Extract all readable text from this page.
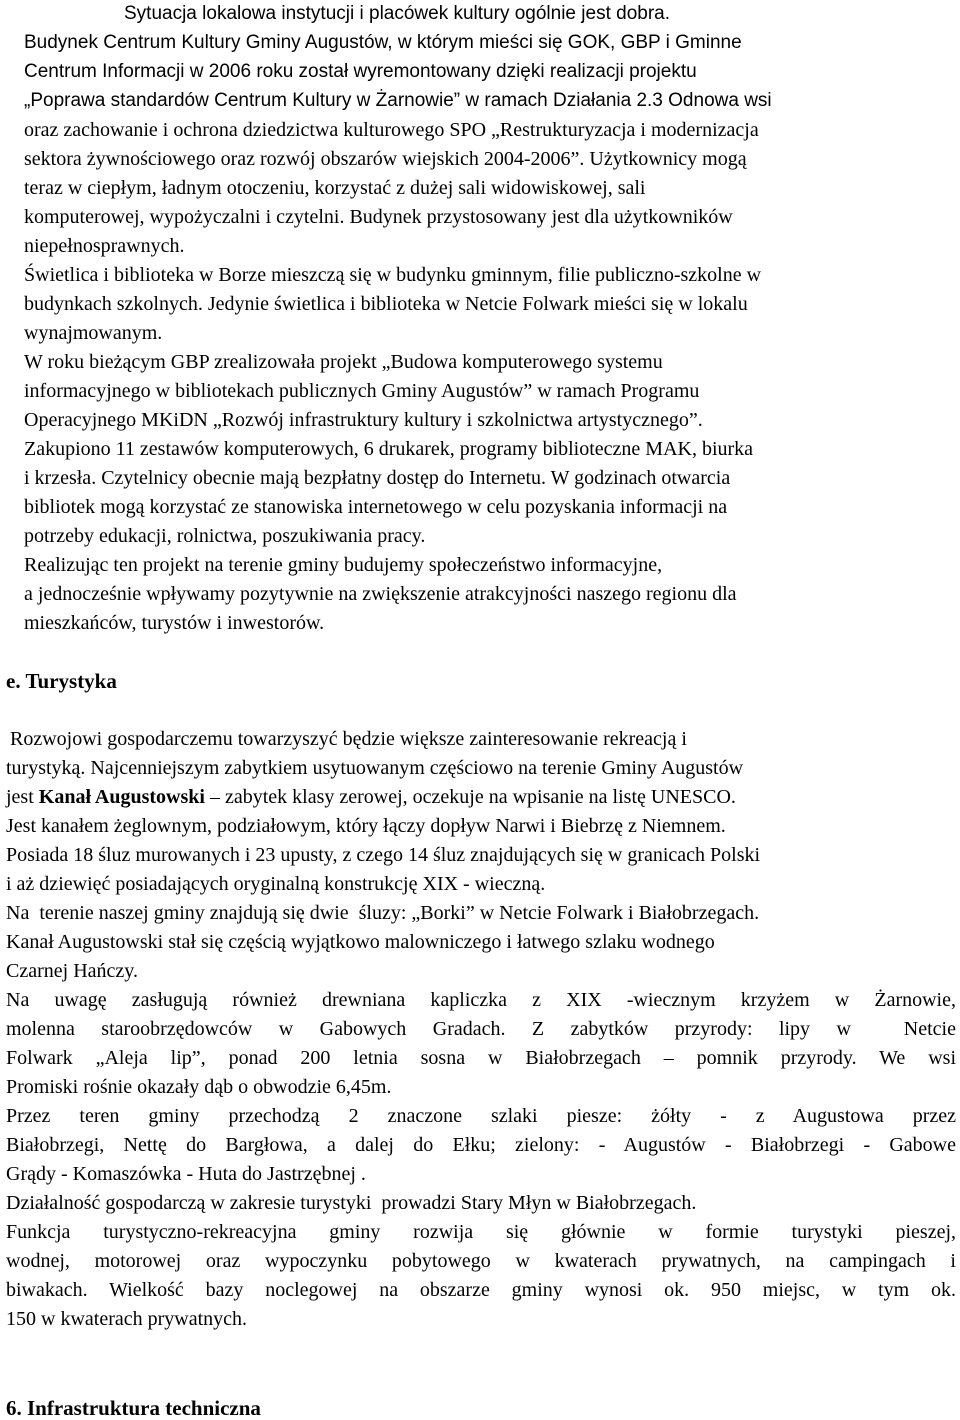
Sytuacja lokalowa instytucji i placówek kultury ogólnie jest dobra.
Budynek Centrum Kultury Gminy Augustów, w którym mieści się GOK, GBP i Gminne
Centrum Informacji w 2006 roku został wyremontowany dzięki realizacji projektu
„Poprawa standardów Centrum Kultury w Żarnowie” w ramach Działania 2.3 Odnowa wsi
oraz zachowanie i ochrona dziedzictwa kulturowego SPO „Restrukturyzacja i modernizacja
sektora żywnościowego oraz rozwój obszarów wiejskich 2004-2006”. Użytkownicy mogą
teraz w ciepłym, ładnym otoczeniu, korzystać z dużej sali widowiskowej, sali
komputerowej, wypożyczalni i czytelni. Budynek przystosowany jest dla użytkowników
niepełnosprawnych.
Świetlica i biblioteka w Borze mieszczą się w budynku gminnym, filie publiczno-szkolne w
budynkach szkolnych. Jedynie świetlica i biblioteka w Netcie Folwark mieści się w lokalu
wynajmowanym.
W roku bieżącym GBP zrealizowała projekt „Budowa komputerowego systemu
informacyjnego w bibliotekach publicznych Gminy Augustów” w ramach Programu
Operacyjnego MKiDN „Rozwój infrastruktury kultury i szkolnictwa artystycznego”.
Zakupiono 11 zestawów komputerowych, 6 drukarek, programy biblioteczne MAK, biurka
i krzesła. Czytelnicy obecnie mają bezpłatny dostęp do Internetu. W godzinach otwarcia
bibliotek mogą korzystać ze stanowiska internetowego w celu pozyskania informacji na
potrzeby edukacji, rolnictwa, poszukiwania pracy.
Realizując ten projekt na terenie gminy budujemy społeczeństwo informacyjne,
a jednocześnie wpływamy pozytywnie na zwiększenie atrakcyjności naszego regionu dla
mieszkańców, turystów i inwestorów.
e. Turystyka
Rozwojowi gospodarczemu towarzyszyć będzie większe zainteresowanie rekreacją i
turystyką. Najcenniejszym zabytkiem usytuowanym częściowo na terenie Gminy Augustów
jest Kanał Augustowski – zabytek klasy zerowej, oczekuje na wpisanie na listę UNESCO.
Jest kanałem żeglownym, podziałowym, który łączy dopływ Narwi i Biebrzę z Niemnem.
Posiada 18 śluz murowanych i 23 upusty, z czego 14 śluz znajdujących się w granicach Polski
i aż dziewięć posiadających oryginalną konstrukcję XIX - wieczną.
Na  terenie naszej gminy znajdują się dwie  śluzy: „Borki” w Netcie Folwark i Białobrzegach.
Kanał Augustowski stał się częścią wyjątkowo malowniczego i łatwego szlaku wodnego
Czarnej Hańczy.
Na uwagę zasługują również drewniana kapliczka z XIX -wiecznym krzyżem w Żarnowie,
molenna staroobrzędowców w Gabowych Gradach. Z zabytków przyrody: lipy w  Netcie
Folwark „Aleja lip”, ponad 200 letnia sosna w Białobrzegach – pomnik przyrody. We wsi
Promiski rośnie okazały dąb o obwodzie 6,45m.
Przez teren gminy przechodzą 2 znaczone szlaki piesze: żółty - z Augustowa przez
Białobrzegi, Nettę do Bargłowa, a dalej do Ełku; zielony: - Augustów - Białobrzegi - Gabowe
Grądy - Komaszówka - Huta do Jastrzębnej .
Działalność gospodarczą w zakresie turystyki  prowadzi Stary Młyn w Białobrzegach.
Funkcja turystyczno-rekreacyjna gminy rozwija się głównie w formie turystyki pieszej,
wodnej, motorowej oraz wypoczynku pobytowego w kwaterach prywatnych, na campingach i
biwakach. Wielkość bazy noclegowej na obszarze gminy wynosi ok. 950 miejsc, w tym ok.
150 w kwaterach prywatnych.
6. Infrastruktura techniczna
